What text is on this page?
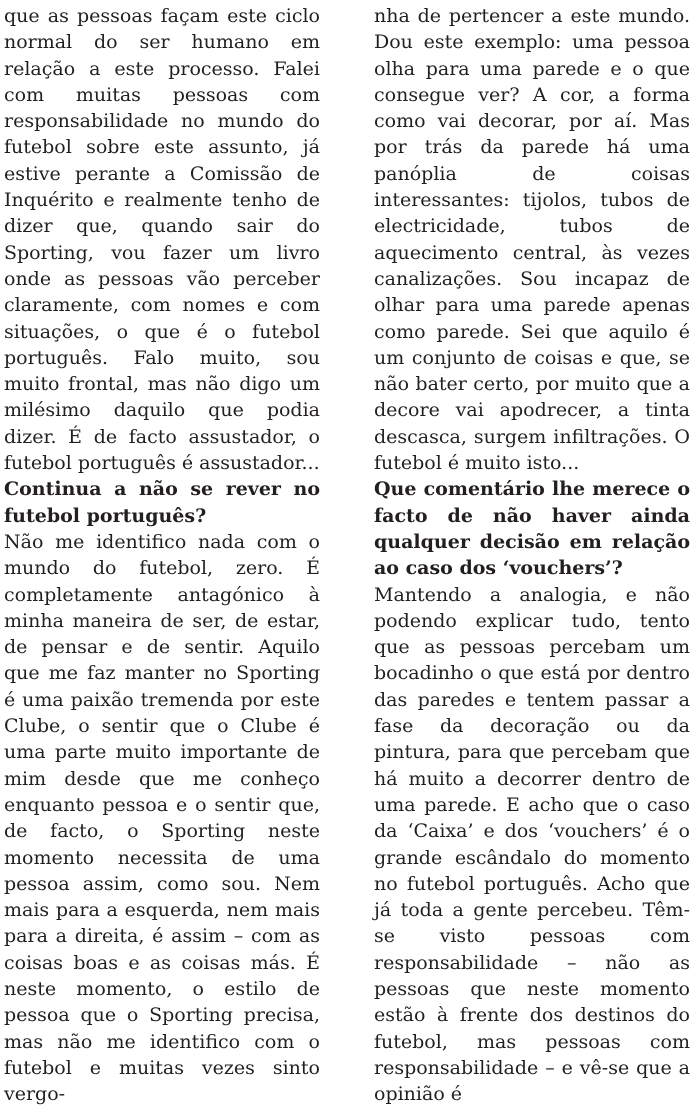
que as pessoas façam este ciclo normal do ser humano em relação a este processo. Falei com muitas pessoas com responsabilidade no mundo do futebol sobre este assunto, já estive perante a Comissão de Inquérito e realmente tenho de dizer que, quando sair do Sporting, vou fazer um livro onde as pessoas vão perceber claramente, com nomes e com situações, o que é o futebol português. Falo muito, sou muito frontal, mas não digo um milésimo daquilo que podia dizer. É de facto assustador, o futebol português é assustador...

Continua a não se rever no futebol português?

Não me identifico nada com o mundo do futebol, zero. É completamente antagónico à minha maneira de ser, de estar, de pensar e de sentir. Aquilo que me faz manter no Sporting é uma paixão tremenda por este Clube, o sentir que o Clube é uma parte muito importante de mim desde que me conheço enquanto pessoa e o sentir que, de facto, o Sporting neste momento necessita de uma pessoa assim, como sou. Nem mais para a esquerda, nem mais para a direita, é assim – com as coisas boas e as coisas más. É neste momento, o estilo de pessoa que o Sporting precisa, mas não me identifico com o futebol e muitas vezes sinto vergo-

nha de pertencer a este mundo. Dou este exemplo: uma pessoa olha para uma parede e o que consegue ver? A cor, a forma como vai decorar, por aí. Mas por trás da parede há uma panóplia de coisas interessantes: tijolos, tubos de electricidade, tubos de aquecimento central, às vezes canalizações. Sou incapaz de olhar para uma parede apenas como parede. Sei que aquilo é um conjunto de coisas e que, se não bater certo, por muito que a decore vai apodrecer, a tinta descasca, surgem infiltrações. O futebol é muito isto...

Que comentário lhe merece o facto de não haver ainda qualquer decisão em relação ao caso dos ‘vouchers’?

Mantendo a analogia, e não podendo explicar tudo, tento que as pessoas percebam um bocadinho o que está por dentro das paredes e tentem passar a fase da decoração ou da pintura, para que percebam que há muito a decorrer dentro de uma parede. E acho que o caso da ‘Caixa’ e dos ‘vouchers’ é o grande escândalo do momento no futebol português. Acho que já toda a gente percebeu. Têm-se visto pessoas com responsabilidade – não as pessoas que neste momento estão à frente dos destinos do futebol, mas pessoas com responsabilidade – e vê-se que a opinião é
